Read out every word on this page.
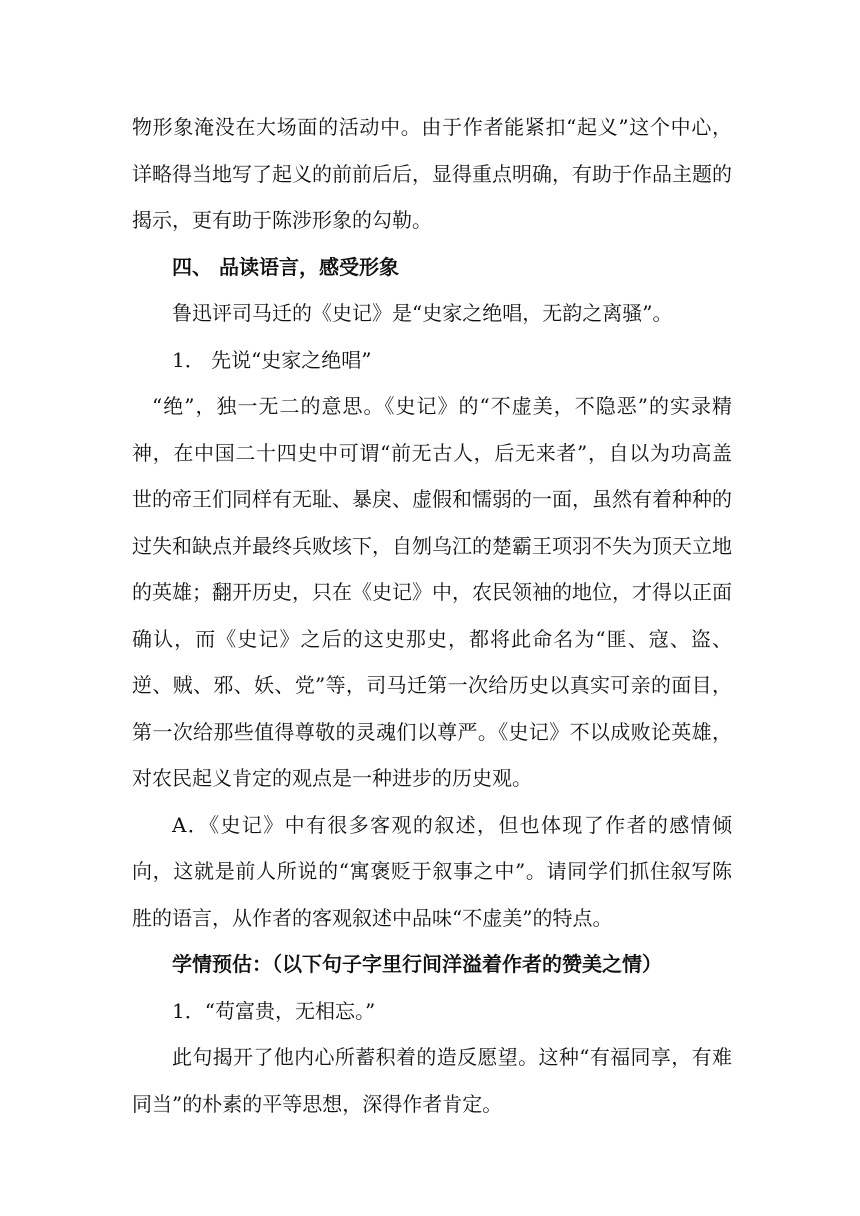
物形象淹没在大场面的活动中。由于作者能紧扣“起义”这个中心，详略得当地写了起义的前前后后，显得重点明确，有助于作品主题的揭示，更有助于陈涉形象的勾勒。

四、 品读语言，感受形象

鲁迅评司马迁的《史记》是“史家之绝唱，无韵之离骚”。

1． 先说“史家之绝唱”

“绝”，独一无二的意思。《史记》的“不虚美，不隐恶”的实录精神，在中国二十四史中可谓“前无古人，后无来者”，自以为功高盖世的帝王们同样有无耻、暴戾、虚假和懦弱的一面，虽然有着种种的过失和缺点并最终兵败垓下，自刎乌江的楚霸王项羽不失为顶天立地的英雄；翻开历史，只在《史记》中，农民领袖的地位，才得以正面确认，而《史记》之后的这史那史，都将此命名为“匪、寇、盗、逆、贼、邪、妖、党”等，司马迁第一次给历史以真实可亲的面目，第一次给那些值得尊敬的灵魂们以尊严。《史记》不以成败论英雄，对农民起义肯定的观点是一种进步的历史观。

A．《史记》中有很多客观的叙述，但也体现了作者的感情倾向，这就是前人所说的“寓褒贬于叙事之中”。请同学们抓住叙写陈胜的语言，从作者的客观叙述中品味“不虚美”的特点。

学情预估：（以下句子字里行间洋溢着作者的赞美之情）

1．“苟富贵，无相忘。”

此句揭开了他内心所蓄积着的造反愿望。这种“有福同享，有难同当”的朴素的平等思想，深得作者肯定。
